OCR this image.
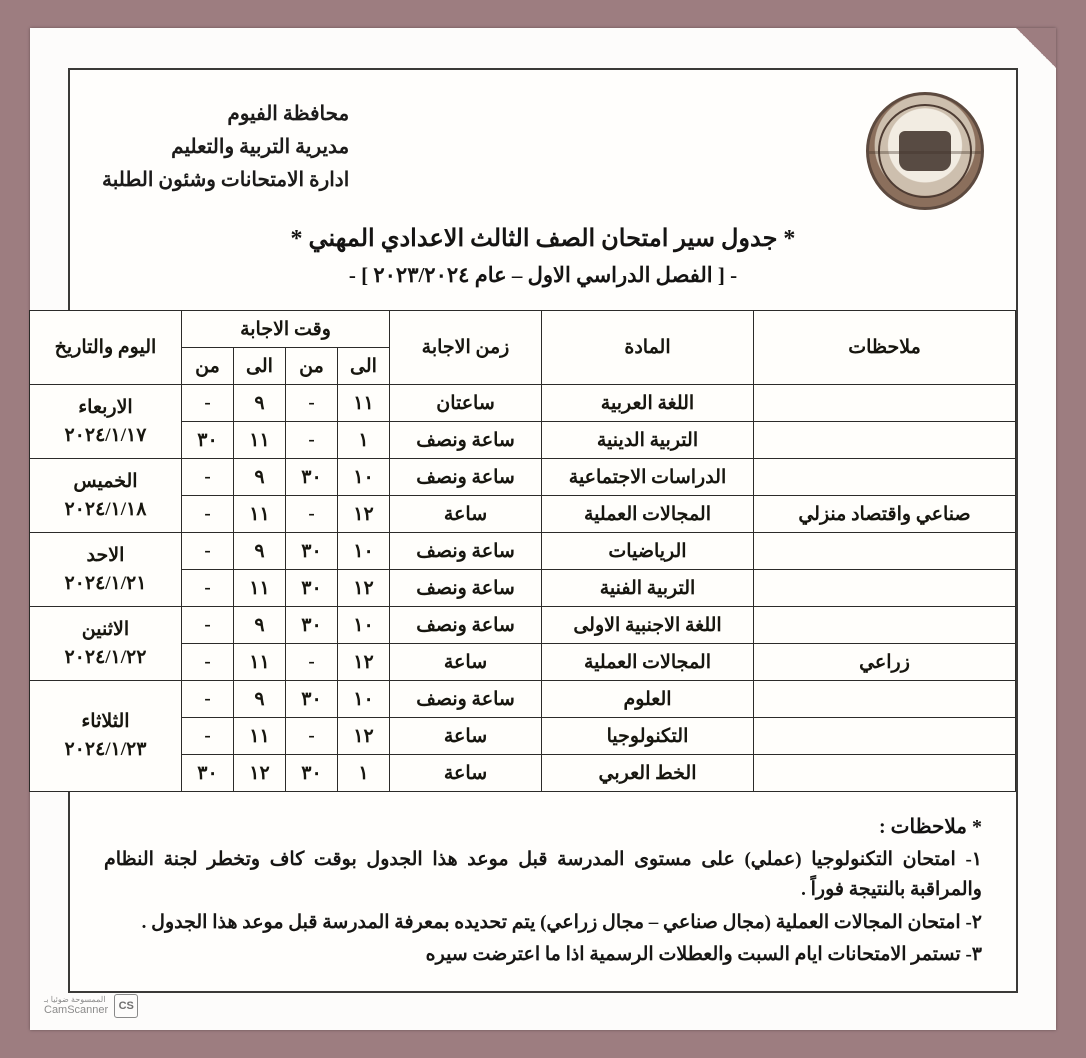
محافظة الفيوم
مديرية التربية والتعليم
ادارة الامتحانات وشئون الطلبة
* جدول سير امتحان الصف الثالث الاعدادي المهني *
- [ الفصل الدراسي الاول – عام ٢٠٢٣/٢٠٢٤ ] -
ملاحظات	المادة	زمن الاجابة	وقت الاجابة				اليوم والتاريخ
			الى	من	الى	من	
	اللغة العربية	ساعتان	١١	-	٩	-	الاربعاء
٢٠٢٤/١/١٧
	التربية الدينية	ساعة ونصف	١	-	١١	٣٠	
	الدراسات الاجتماعية	ساعة ونصف	١٠	٣٠	٩	-	الخميس
٢٠٢٤/١/١٨
صناعي واقتصاد منزلي	المجالات العملية	ساعة	١٢	-	١١	-	
	الرياضيات	ساعة ونصف	١٠	٣٠	٩	-	الاحد
٢٠٢٤/١/٢١
	التربية الفنية	ساعة ونصف	١٢	٣٠	١١	-	
	اللغة الاجنبية الاولى	ساعة ونصف	١٠	٣٠	٩	-	الاثنين
٢٠٢٤/١/٢٢
زراعي	المجالات العملية	ساعة	١٢	-	١١	-	
	العلوم	ساعة ونصف	١٠	٣٠	٩	-	الثلاثاء
٢٠٢٤/١/٢٣
	التكنولوجيا	ساعة	١٢	-	١١	-	
	الخط العربي	ساعة	١	٣٠	١٢	٣٠	
* ملاحظات :
١- امتحان التكنولوجيا (عملي) على مستوى المدرسة قبل موعد هذا الجدول بوقت كاف وتخطر لجنة النظام والمراقبة بالنتيجة فوراً .
٢- امتحان المجالات العملية (مجال صناعي – مجال زراعي) يتم تحديده بمعرفة المدرسة قبل موعد هذا الجدول .
٣- تستمر الامتحانات ايام السبت والعطلات الرسمية اذا ما اعترضت سيره
CS
الممسوحة ضوئيا بـ
CamScanner
